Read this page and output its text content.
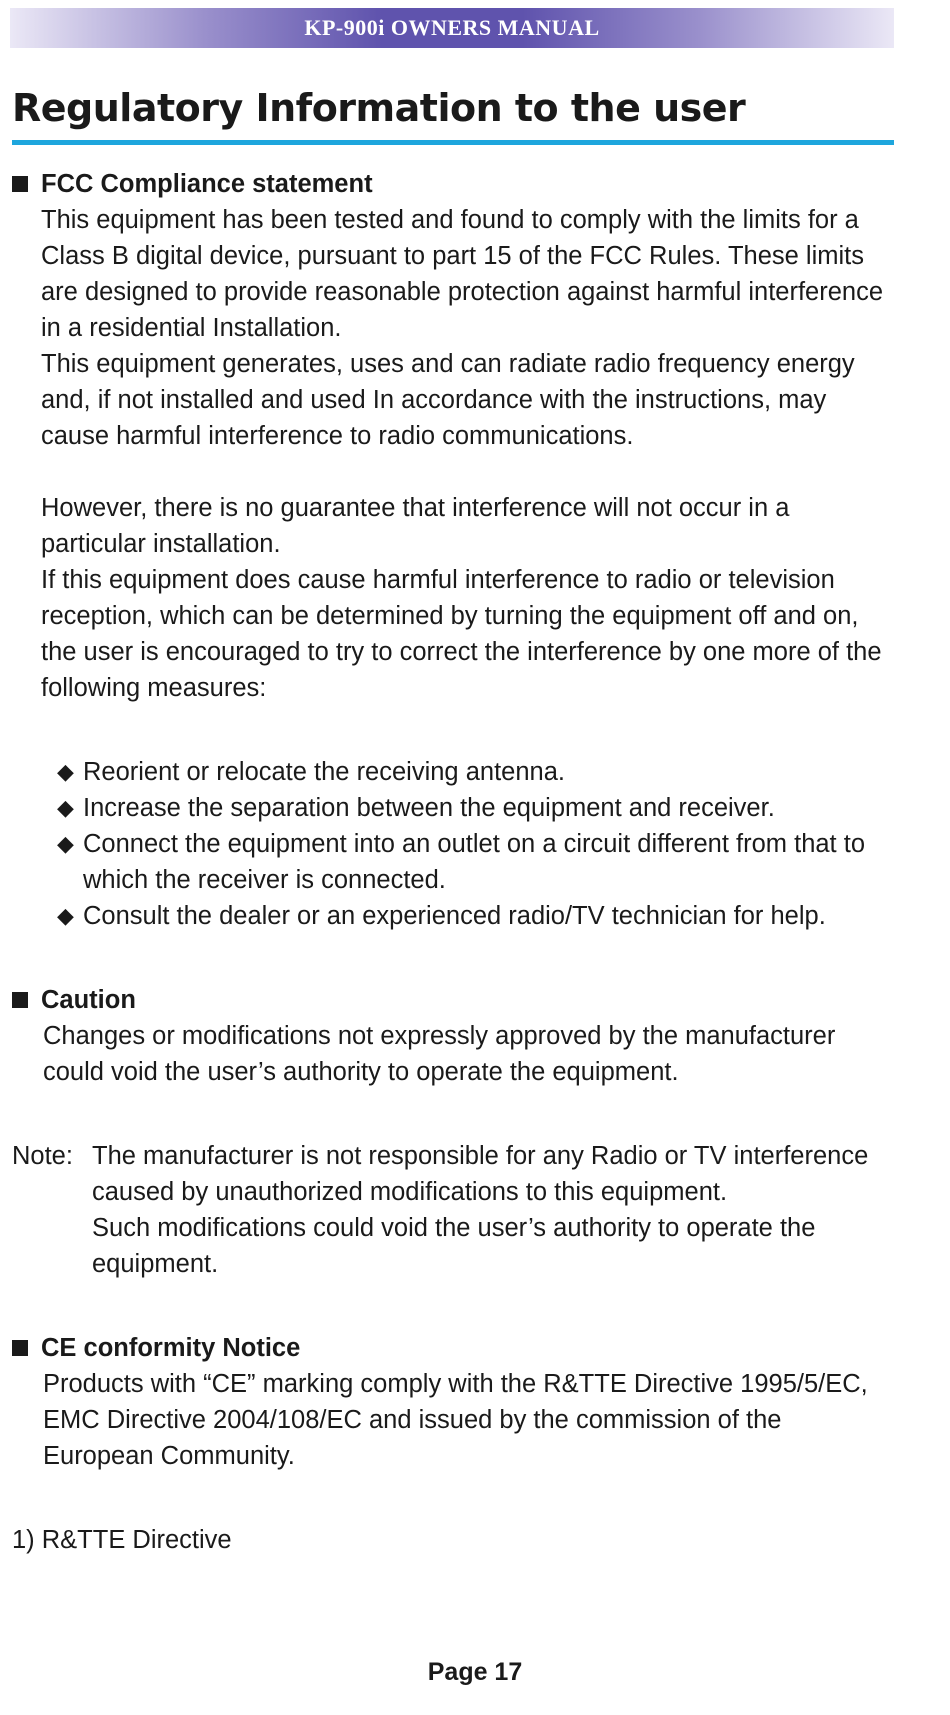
KP-900i OWNERS MANUAL
Regulatory Information to the user
FCC Compliance statement

This equipment has been tested and found to comply with the limits for a Class B digital device, pursuant to part 15 of the FCC Rules. These limits are designed to provide reasonable protection against harmful interference in a residential Installation.

This equipment generates, uses and can radiate radio frequency energy and, if not installed and used In accordance with the instructions, may cause harmful interference to radio communications.

However, there is no guarantee that interference will not occur in a particular installation.

If this equipment does cause harmful interference to radio or television reception, which can be determined by turning the equipment off and on, the user is encouraged to try to correct the interference by one more of the following measures:

◆ Reorient or relocate the receiving antenna.
◆ Increase the separation between the equipment and receiver.
◆ Connect the equipment into an outlet on a circuit different from that to which the receiver is connected.
◆ Consult the dealer or an experienced radio/TV technician for help.
Caution

Changes or modifications not expressly approved by the manufacturer could void the user’s authority to operate the equipment.

Note: The manufacturer is not responsible for any Radio or TV interference caused by unauthorized modifications to this equipment.
Such modifications could void the user’s authority to operate the equipment.
CE conformity Notice

Products with “CE” marking comply with the R&TTE Directive 1995/5/EC, EMC Directive 2004/108/EC and issued by the commission of the European Community.

1) R&TTE Directive
Page 17
